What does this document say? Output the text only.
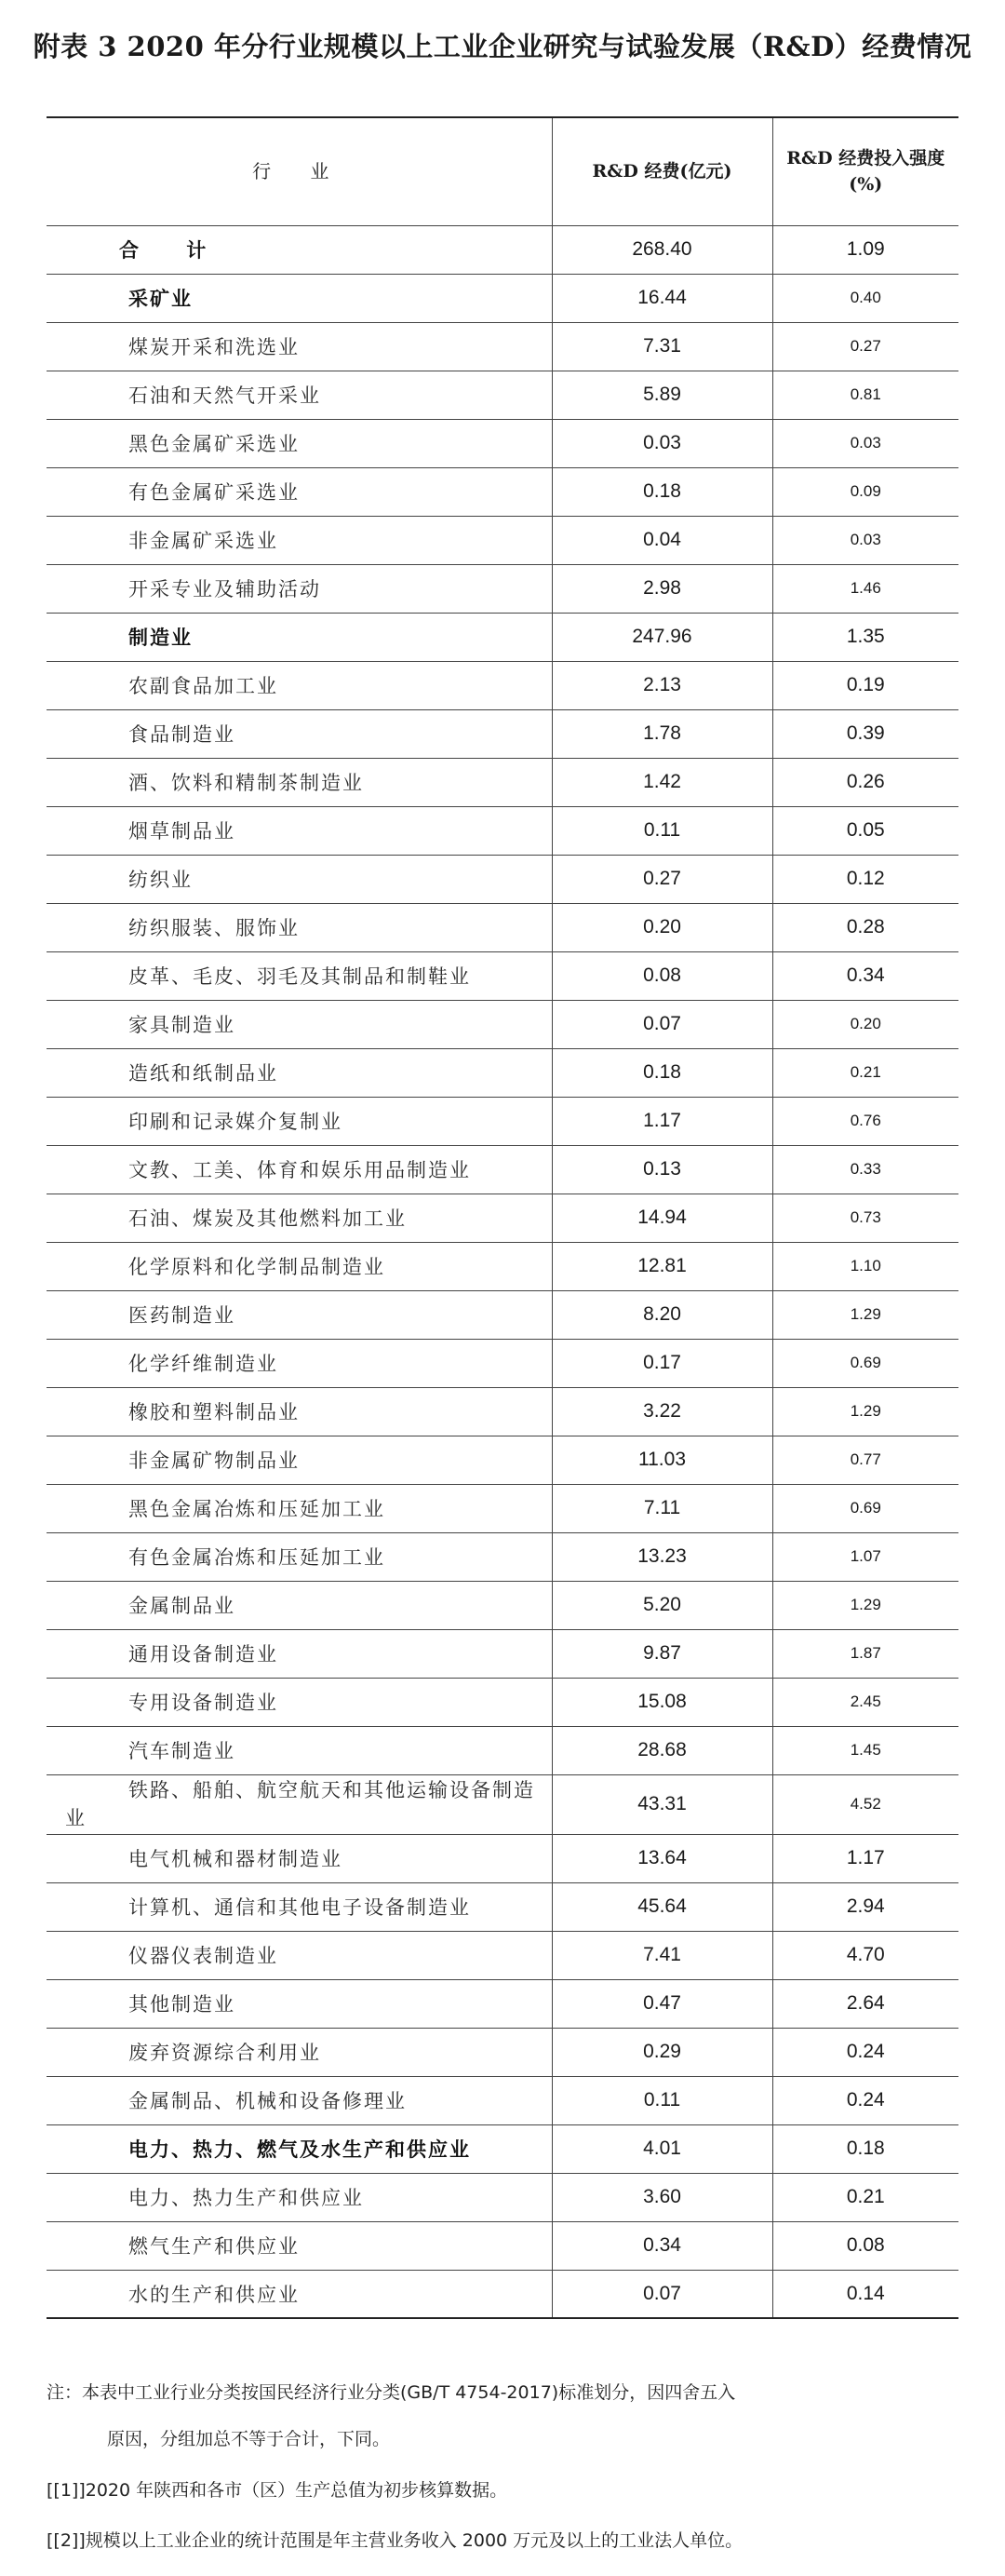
附表 3 2020 年分行业规模以上工业企业研究与试验发展（R&D）经费情况
行 业	R&D 经费(亿元)	R&D 经费投入强度(%)
合 计	268.40	1.09
采矿业	16.44	0.40
煤炭开采和洗选业	7.31	0.27
石油和天然气开采业	5.89	0.81
黑色金属矿采选业	0.03	0.03
有色金属矿采选业	0.18	0.09
非金属矿采选业	0.04	0.03
开采专业及辅助活动	2.98	1.46
制造业	247.96	1.35
农副食品加工业	2.13	0.19
食品制造业	1.78	0.39
酒、饮料和精制茶制造业	1.42	0.26
烟草制品业	0.11	0.05
纺织业	0.27	0.12
纺织服装、服饰业	0.20	0.28
皮革、毛皮、羽毛及其制品和制鞋业	0.08	0.34
家具制造业	0.07	0.20
造纸和纸制品业	0.18	0.21
印刷和记录媒介复制业	1.17	0.76
文教、工美、体育和娱乐用品制造业	0.13	0.33
石油、煤炭及其他燃料加工业	14.94	0.73
化学原料和化学制品制造业	12.81	1.10
医药制造业	8.20	1.29
化学纤维制造业	0.17	0.69
橡胶和塑料制品业	3.22	1.29
非金属矿物制品业	11.03	0.77
黑色金属冶炼和压延加工业	7.11	0.69
有色金属冶炼和压延加工业	13.23	1.07
金属制品业	5.20	1.29
通用设备制造业	9.87	1.87
专用设备制造业	15.08	2.45
汽车制造业	28.68	1.45
铁路、船舶、航空航天和其他运输设备制造业	43.31	4.52
电气机械和器材制造业	13.64	1.17
计算机、通信和其他电子设备制造业	45.64	2.94
仪器仪表制造业	7.41	4.70
其他制造业	0.47	2.64
废弃资源综合利用业	0.29	0.24
金属制品、机械和设备修理业	0.11	0.24
电力、热力、燃气及水生产和供应业	4.01	0.18
电力、热力生产和供应业	3.60	0.21
燃气生产和供应业	0.34	0.08
水的生产和供应业	0.07	0.14

注：本表中工业行业分类按国民经济行业分类(GB/T 4754-2017)标准划分，因四舍五入

原因，分组加总不等于合计，下同。

[[1]]2020 年陕西和各市（区）生产总值为初步核算数据。

[[2]]规模以上工业企业的统计范围是年主营业务收入 2000 万元及以上的工业法人单位。
